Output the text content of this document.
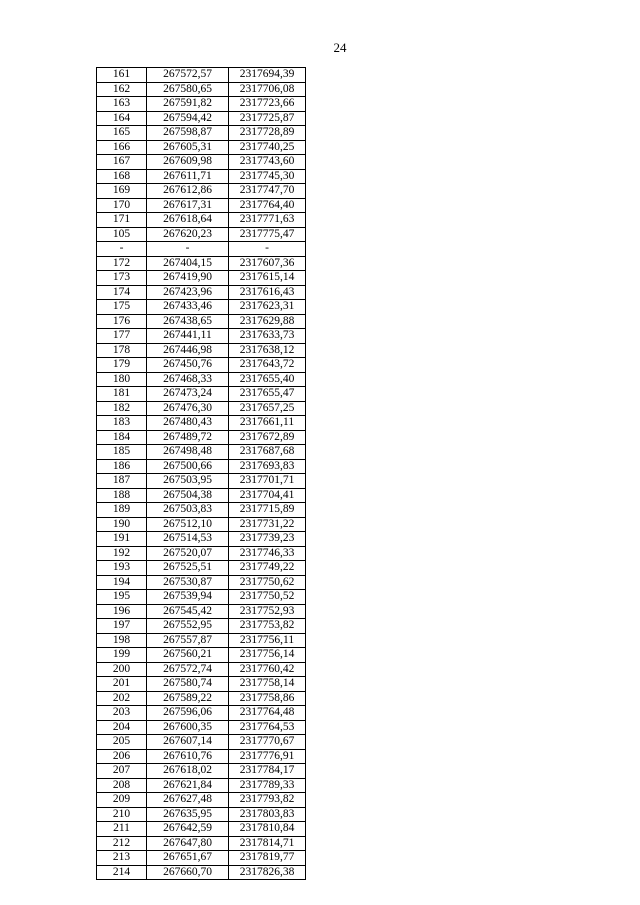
24
161	267572,57	2317694,39
162	267580,65	2317706,08
163	267591,82	2317723,66
164	267594,42	2317725,87
165	267598,87	2317728,89
166	267605,31	2317740,25
167	267609,98	2317743,60
168	267611,71	2317745,30
169	267612,86	2317747,70
170	267617,31	2317764,40
171	267618,64	2317771,63
105	267620,23	2317775,47
-	-	-
172	267404,15	2317607,36
173	267419,90	2317615,14
174	267423,96	2317616,43
175	267433,46	2317623,31
176	267438,65	2317629,88
177	267441,11	2317633,73
178	267446,98	2317638,12
179	267450,76	2317643,72
180	267468,33	2317655,40
181	267473,24	2317655,47
182	267476,30	2317657,25
183	267480,43	2317661,11
184	267489,72	2317672,89
185	267498,48	2317687,68
186	267500,66	2317693,83
187	267503,95	2317701,71
188	267504,38	2317704,41
189	267503,83	2317715,89
190	267512,10	2317731,22
191	267514,53	2317739,23
192	267520,07	2317746,33
193	267525,51	2317749,22
194	267530,87	2317750,62
195	267539,94	2317750,52
196	267545,42	2317752,93
197	267552,95	2317753,82
198	267557,87	2317756,11
199	267560,21	2317756,14
200	267572,74	2317760,42
201	267580,74	2317758,14
202	267589,22	2317758,86
203	267596,06	2317764,48
204	267600,35	2317764,53
205	267607,14	2317770,67
206	267610,76	2317776,91
207	267618,02	2317784,17
208	267621,84	2317789,33
209	267627,48	2317793,82
210	267635,95	2317803,83
211	267642,59	2317810,84
212	267647,80	2317814,71
213	267651,67	2317819,77
214	267660,70	2317826,38
